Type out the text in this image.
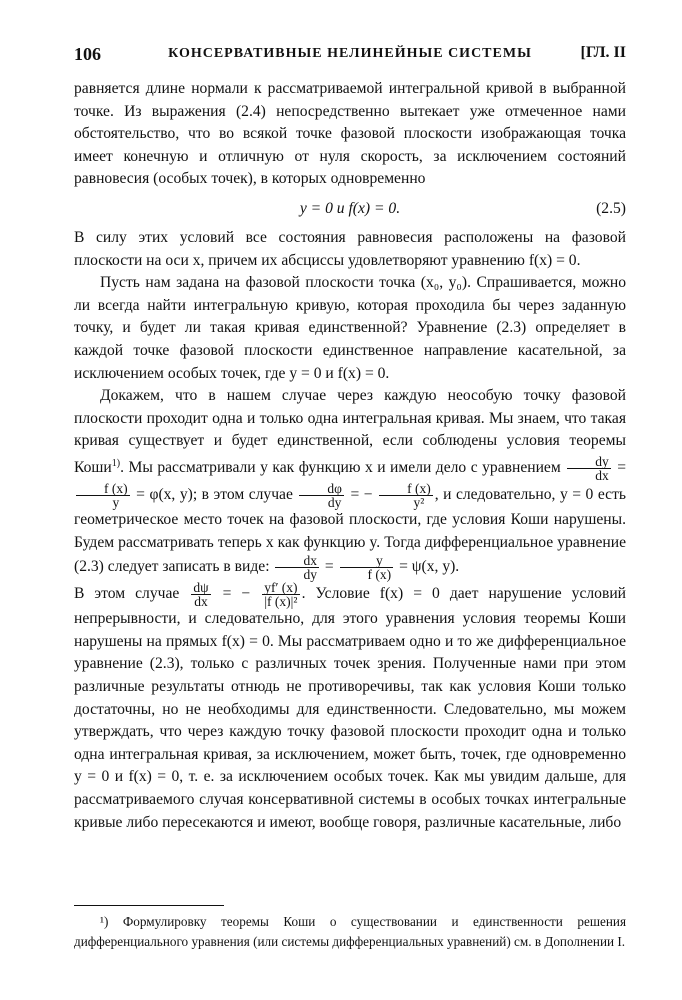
106	КОНСЕРВАТИВНЫЕ НЕЛИНЕЙНЫЕ СИСТЕМЫ	[ГЛ. II

равняется длине нормали к рассматриваемой интегральной кривой в выбранной точке. Из выражения (2.4) непосредственно вытекает уже отмеченное нами обстоятельство, что во всякой точке фазовой плоскости изображающая точка имеет конечную и отличную от нуля скорость, за исключением состояний равновесия (особых точек), в которых одновременно

y = 0 и f(x) = 0.	(2.5)

В силу этих условий все состояния равновесия расположены на фазовой плоскости на оси x, причем их абсциссы удовлетворяют уравнению f(x) = 0.

Пусть нам задана на фазовой плоскости точка (x₀, y₀). Спрашивается, можно ли всегда найти интегральную кривую, которая проходила бы через заданную точку, и будет ли такая кривая единственной? Уравнение (2.3) определяет в каждой точке фазовой плоскости единственное направление касательной, за исключением особых точек, где y = 0 и f(x) = 0.

Докажем, что в нашем случае через каждую неособую точку фазовой плоскости проходит одна и только одна интегральная кривая. Мы знаем, что такая кривая существует и будет единственной, если соблюдены условия теоремы Коши$^{1)}$. Мы рассматривали y как функцию x и имели дело с уравнением $\frac{dy}{dx}$ =
$\frac{f (x)}{y} = \varphi(x$, y); в этом случае $\frac{d\varphi}{dy}$ = − $\frac{f (x)}{\text{y²}}$ , и следовательно, y = 0 есть геометрическое место точек на фазовой плоскости, где условия Коши нарушены. Будем рассматривать теперь x как функцию y. Тогда дифференциальное уравнение (2.3) следует записать в виде: $\frac{dx}{dy} = \frac{y}{f (x)} = \psi(x$, y).

В этом случае $\frac{d\psi}{dx}$ = − $\frac{yf' (x)}{\text{|f (x)|²}}$ . Условие f(x) = 0 дает нарушение условий непрерывности, и следовательно, для этого уравнения условия теоремы Коши нарушены на прямых f(x) = 0. Мы рассматриваем одно и то же дифференциальное уравнение (2.3), только с различных точек зрения. Полученные нами при этом различные результаты отнюдь не противоречивы, так как условия Коши только достаточны, но не необходимы для единственности. Следовательно, мы можем утверждать, что через каждую точку фазовой плоскости проходит одна и только одна интегральная кривая, за исключением, может быть, точек, где одновременно y = 0 и f(x) = 0, т. е. за исключением особых точек. Как мы увидим дальше, для рассматриваемого случая консервативной системы в особых точках интегральные кривые либо пересекаются и имеют, вообще говоря, различные касательные, либо

¹) Формулировку теоремы Коши о существовании и единственности решения дифференциального уравнения (или системы дифференциальных уравнений) см. в Дополнении I.
